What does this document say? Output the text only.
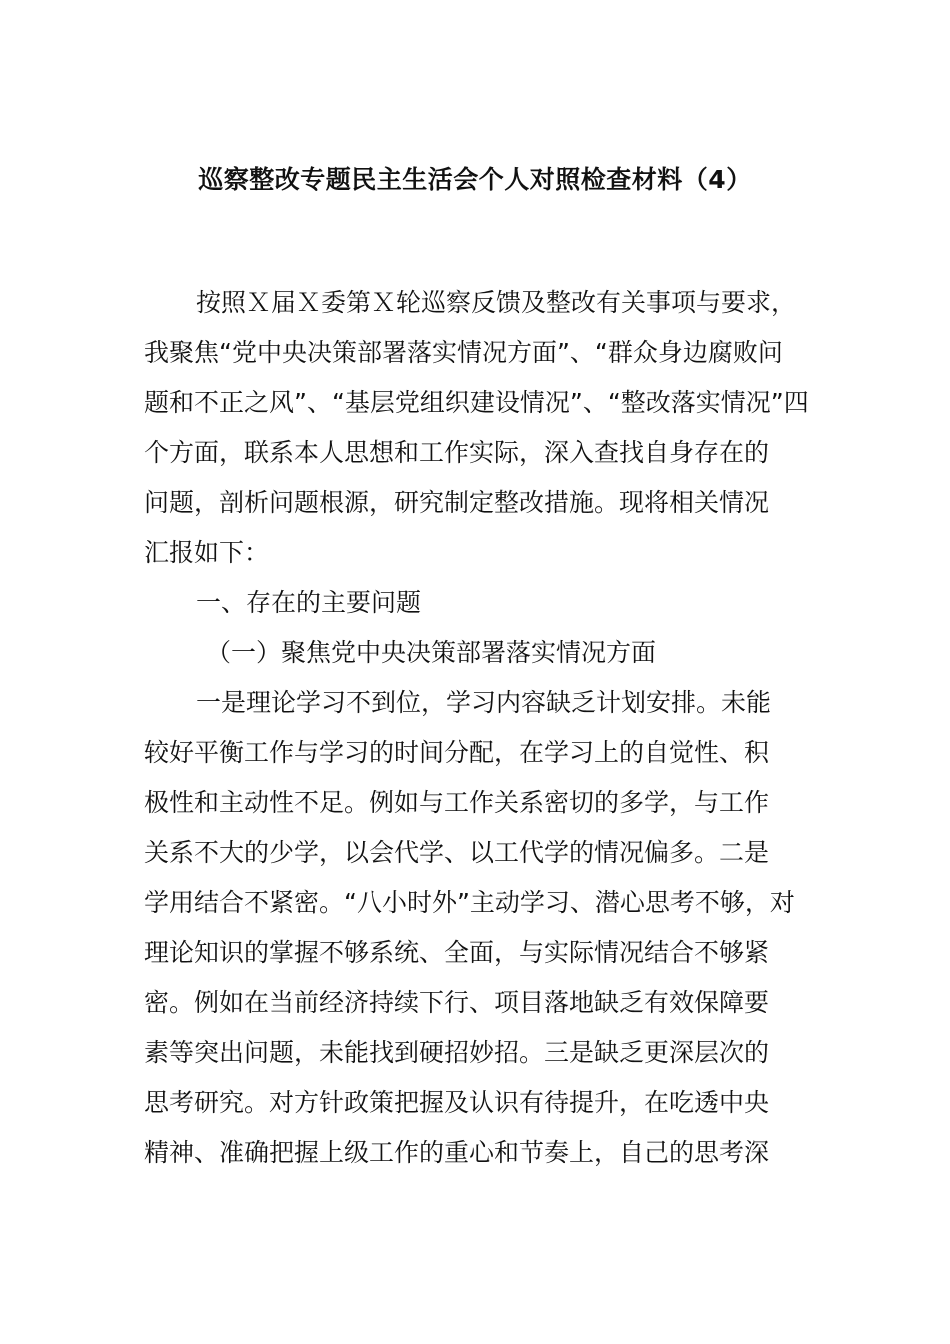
巡察整改专题民主生活会个人对照检查材料（4）
按照Ｘ届Ｘ委第Ｘ轮巡察反馈及整改有关事项与要求，
我聚焦“党中央决策部署落实情况方面”、“群众身边腐败问
题和不正之风”、“基层党组织建设情况”、“整改落实情况”四
个方面，联系本人思想和工作实际，深入查找自身存在的
问题，剖析问题根源，研究制定整改措施。现将相关情况
汇报如下：
一、存在的主要问题
（一）聚焦党中央决策部署落实情况方面
一是理论学习不到位，学习内容缺乏计划安排。未能
较好平衡工作与学习的时间分配，在学习上的自觉性、积
极性和主动性不足。例如与工作关系密切的多学，与工作
关系不大的少学，以会代学、以工代学的情况偏多。二是
学用结合不紧密。“八小时外”主动学习、潜心思考不够，对
理论知识的掌握不够系统、全面，与实际情况结合不够紧
密。例如在当前经济持续下行、项目落地缺乏有效保障要
素等突出问题，未能找到硬招妙招。三是缺乏更深层次的
思考研究。对方针政策把握及认识有待提升，在吃透中央
精神、准确把握上级工作的重心和节奏上，自己的思考深
